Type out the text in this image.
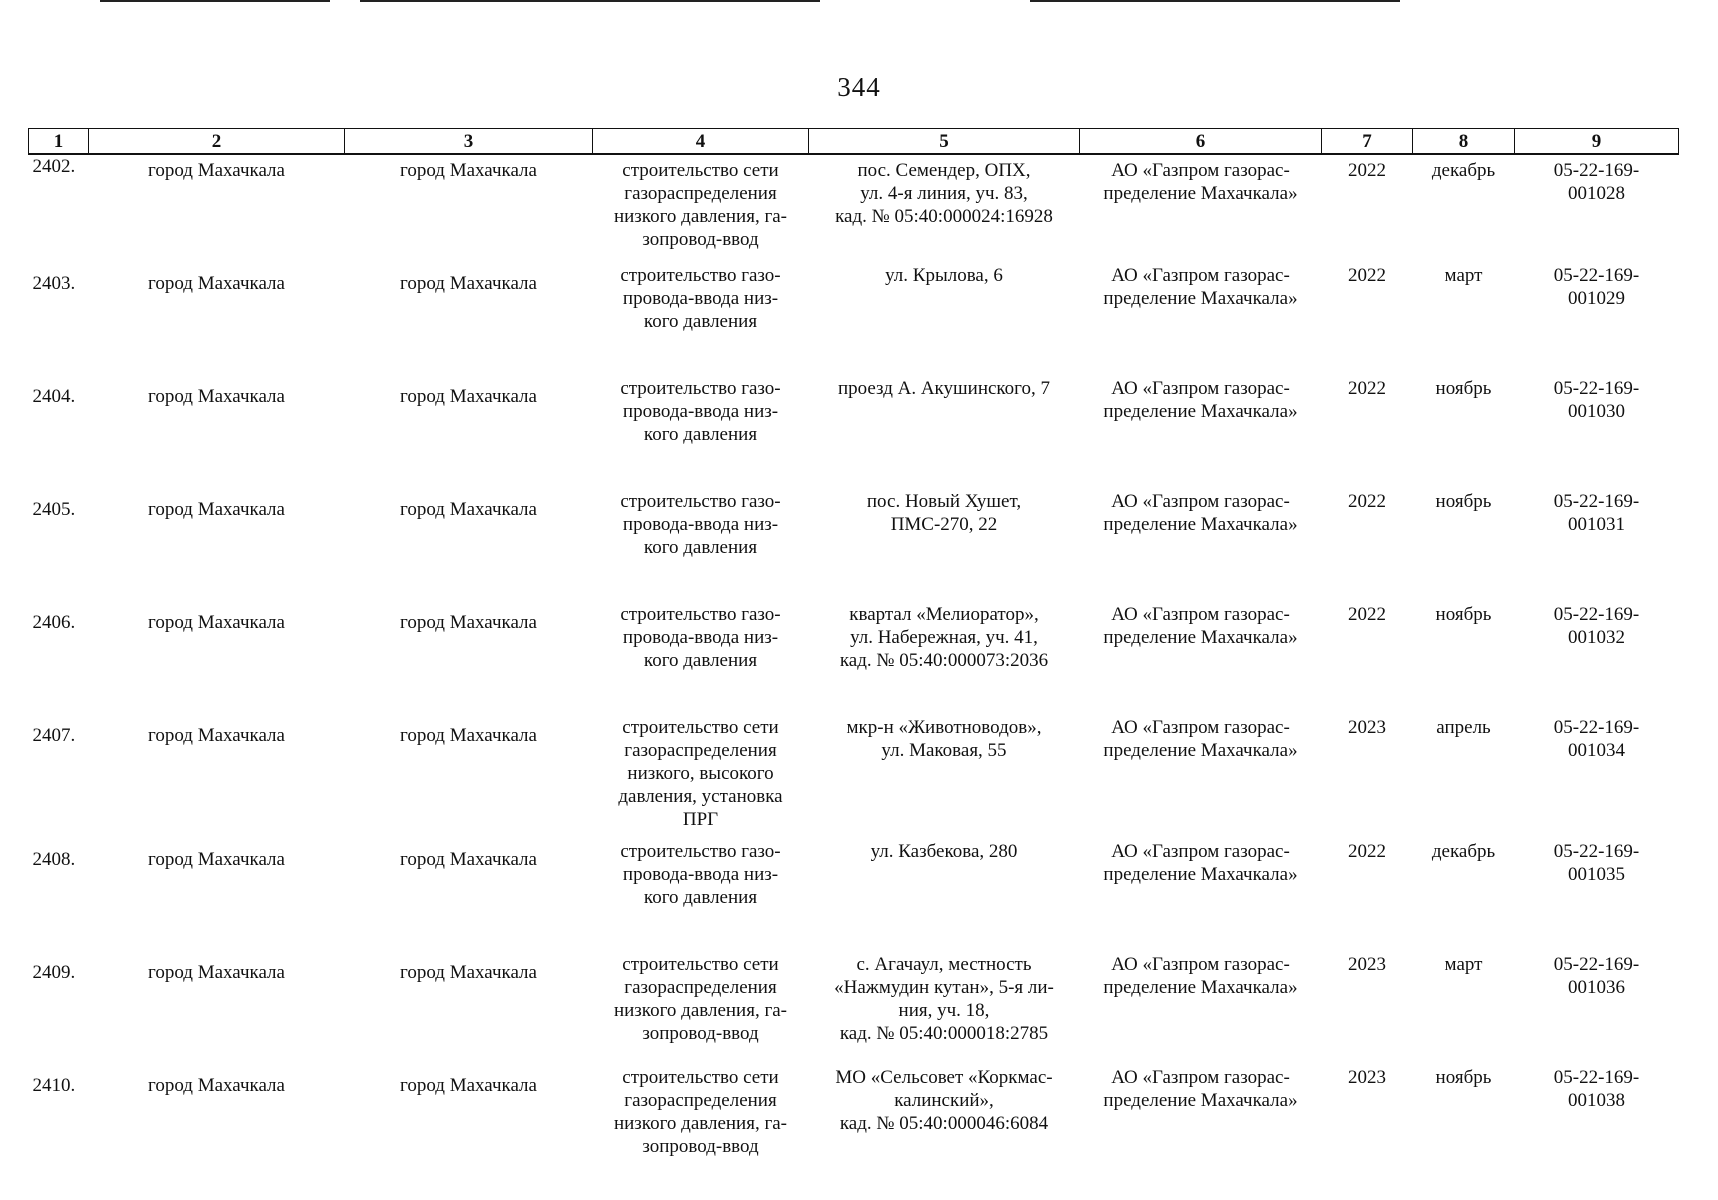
344
1	2	3	4	5	6	7	8	9
2402.	город Махачкала	город Махачкала	строительство сети
газораспределения
низкого давления, га-
зопровод-ввод	пос. Семендер, ОПХ,
ул. 4-я линия, уч. 83,
кад. № 05:40:000024:16928	АО «Газпром газорас-
пределение Махачкала»	2022	декабрь	05-22-169-
001028

2403.	город Махачкала	город Махачкала	строительство газо-
провода-ввода низ-
кого давления	ул. Крылова, 6	АО «Газпром газорас-
пределение Махачкала»	2022	март	05-22-169-
001029

2404.	город Махачкала	город Махачкала	строительство газо-
провода-ввода низ-
кого давления	проезд А. Акушинского, 7	АО «Газпром газорас-
пределение Махачкала»	2022	ноябрь	05-22-169-
001030

2405.	город Махачкала	город Махачкала	строительство газо-
провода-ввода низ-
кого давления	пос. Новый Хушет,
ПМС-270, 22	АО «Газпром газорас-
пределение Махачкала»	2022	ноябрь	05-22-169-
001031

2406.	город Махачкала	город Махачкала	строительство газо-
провода-ввода низ-
кого давления	квартал «Мелиоратор»,
ул. Набережная, уч. 41,
кад. № 05:40:000073:2036	АО «Газпром газорас-
пределение Махачкала»	2022	ноябрь	05-22-169-
001032

2407.	город Махачкала	город Махачкала	строительство сети
газораспределения
низкого, высокого
давления, установка
ПРГ	мкр-н «Животноводов»,
ул. Маковая, 55	АО «Газпром газорас-
пределение Махачкала»	2023	апрель	05-22-169-
001034

2408.	город Махачкала	город Махачкала	строительство газо-
провода-ввода низ-
кого давления	ул. Казбекова, 280	АО «Газпром газорас-
пределение Махачкала»	2022	декабрь	05-22-169-
001035

2409.	город Махачкала	город Махачкала	строительство сети
газораспределения
низкого давления, га-
зопровод-ввод	с. Агачаул, местность
«Нажмудин кутан», 5-я ли-
ния, уч. 18,
кад. № 05:40:000018:2785	АО «Газпром газорас-
пределение Махачкала»	2023	март	05-22-169-
001036

2410.	город Махачкала	город Махачкала	строительство сети
газораспределения
низкого давления, га-
зопровод-ввод	МО «Сельсовет «Коркмас-
калинский»,
кад. № 05:40:000046:6084	АО «Газпром газорас-
пределение Махачкала»	2023	ноябрь	05-22-169-
001038
